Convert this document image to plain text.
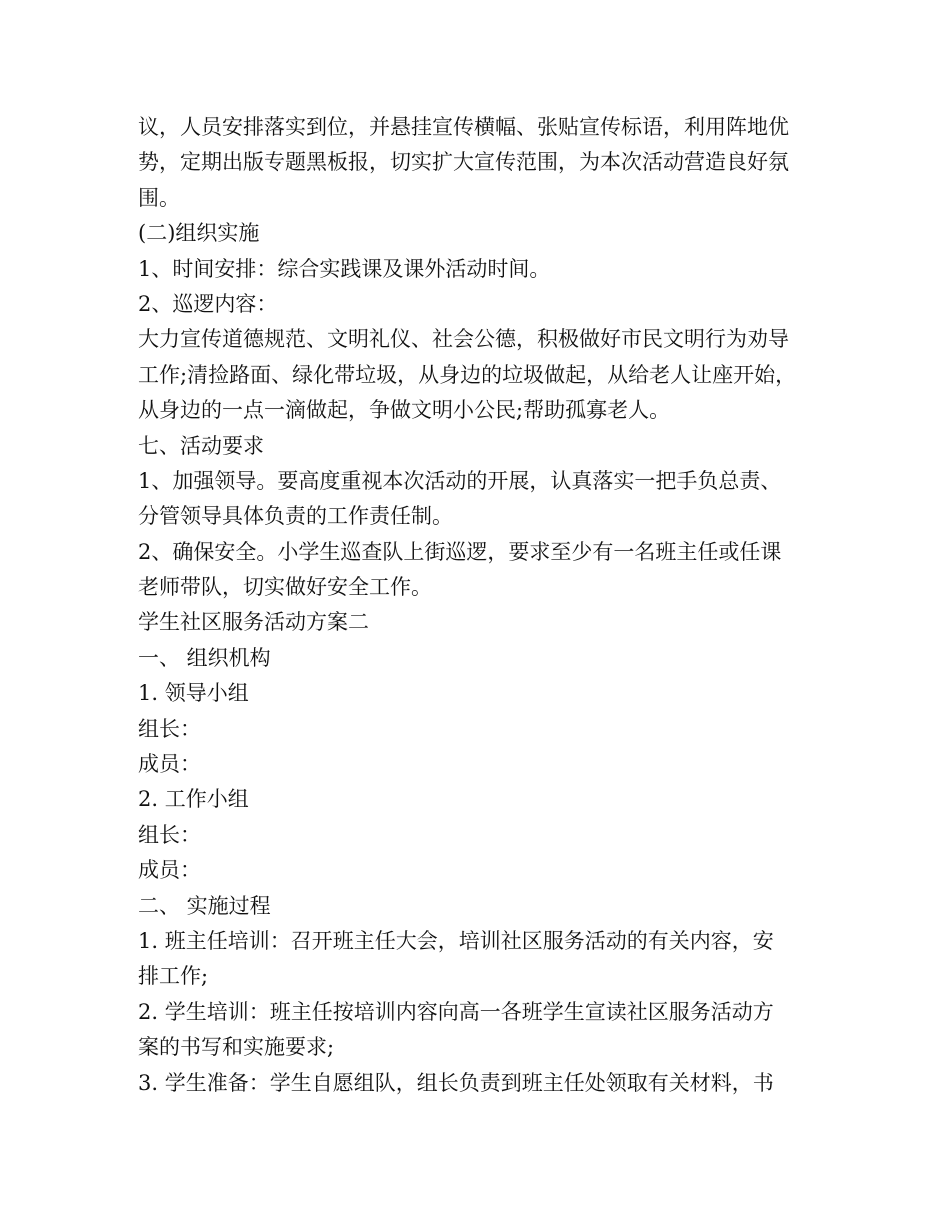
议，人员安排落实到位，并悬挂宣传横幅、张贴宣传标语，利用阵地优

势，定期出版专题黑板报，切实扩大宣传范围，为本次活动营造良好氛

围。

(二)组织实施

1、时间安排：综合实践课及课外活动时间。

2、巡逻内容：

大力宣传道德规范、文明礼仪、社会公德，积极做好市民文明行为劝导

工作;清捡路面、绿化带垃圾，从身边的垃圾做起，从给老人让座开始，

从身边的一点一滴做起，争做文明小公民;帮助孤寡老人。

七、活动要求

1、加强领导。要高度重视本次活动的开展，认真落实一把手负总责、

分管领导具体负责的工作责任制。

2、确保安全。小学生巡查队上街巡逻，要求至少有一名班主任或任课

老师带队，切实做好安全工作。

学生社区服务活动方案二

一、 组织机构

1. 领导小组

组长：

成员：

2. 工作小组

组长：

成员：

二、 实施过程

1. 班主任培训：召开班主任大会，培训社区服务活动的有关内容，安

排工作;

2. 学生培训：班主任按培训内容向高一各班学生宣读社区服务活动方

案的书写和实施要求;

3. 学生准备：学生自愿组队，组长负责到班主任处领取有关材料，书
